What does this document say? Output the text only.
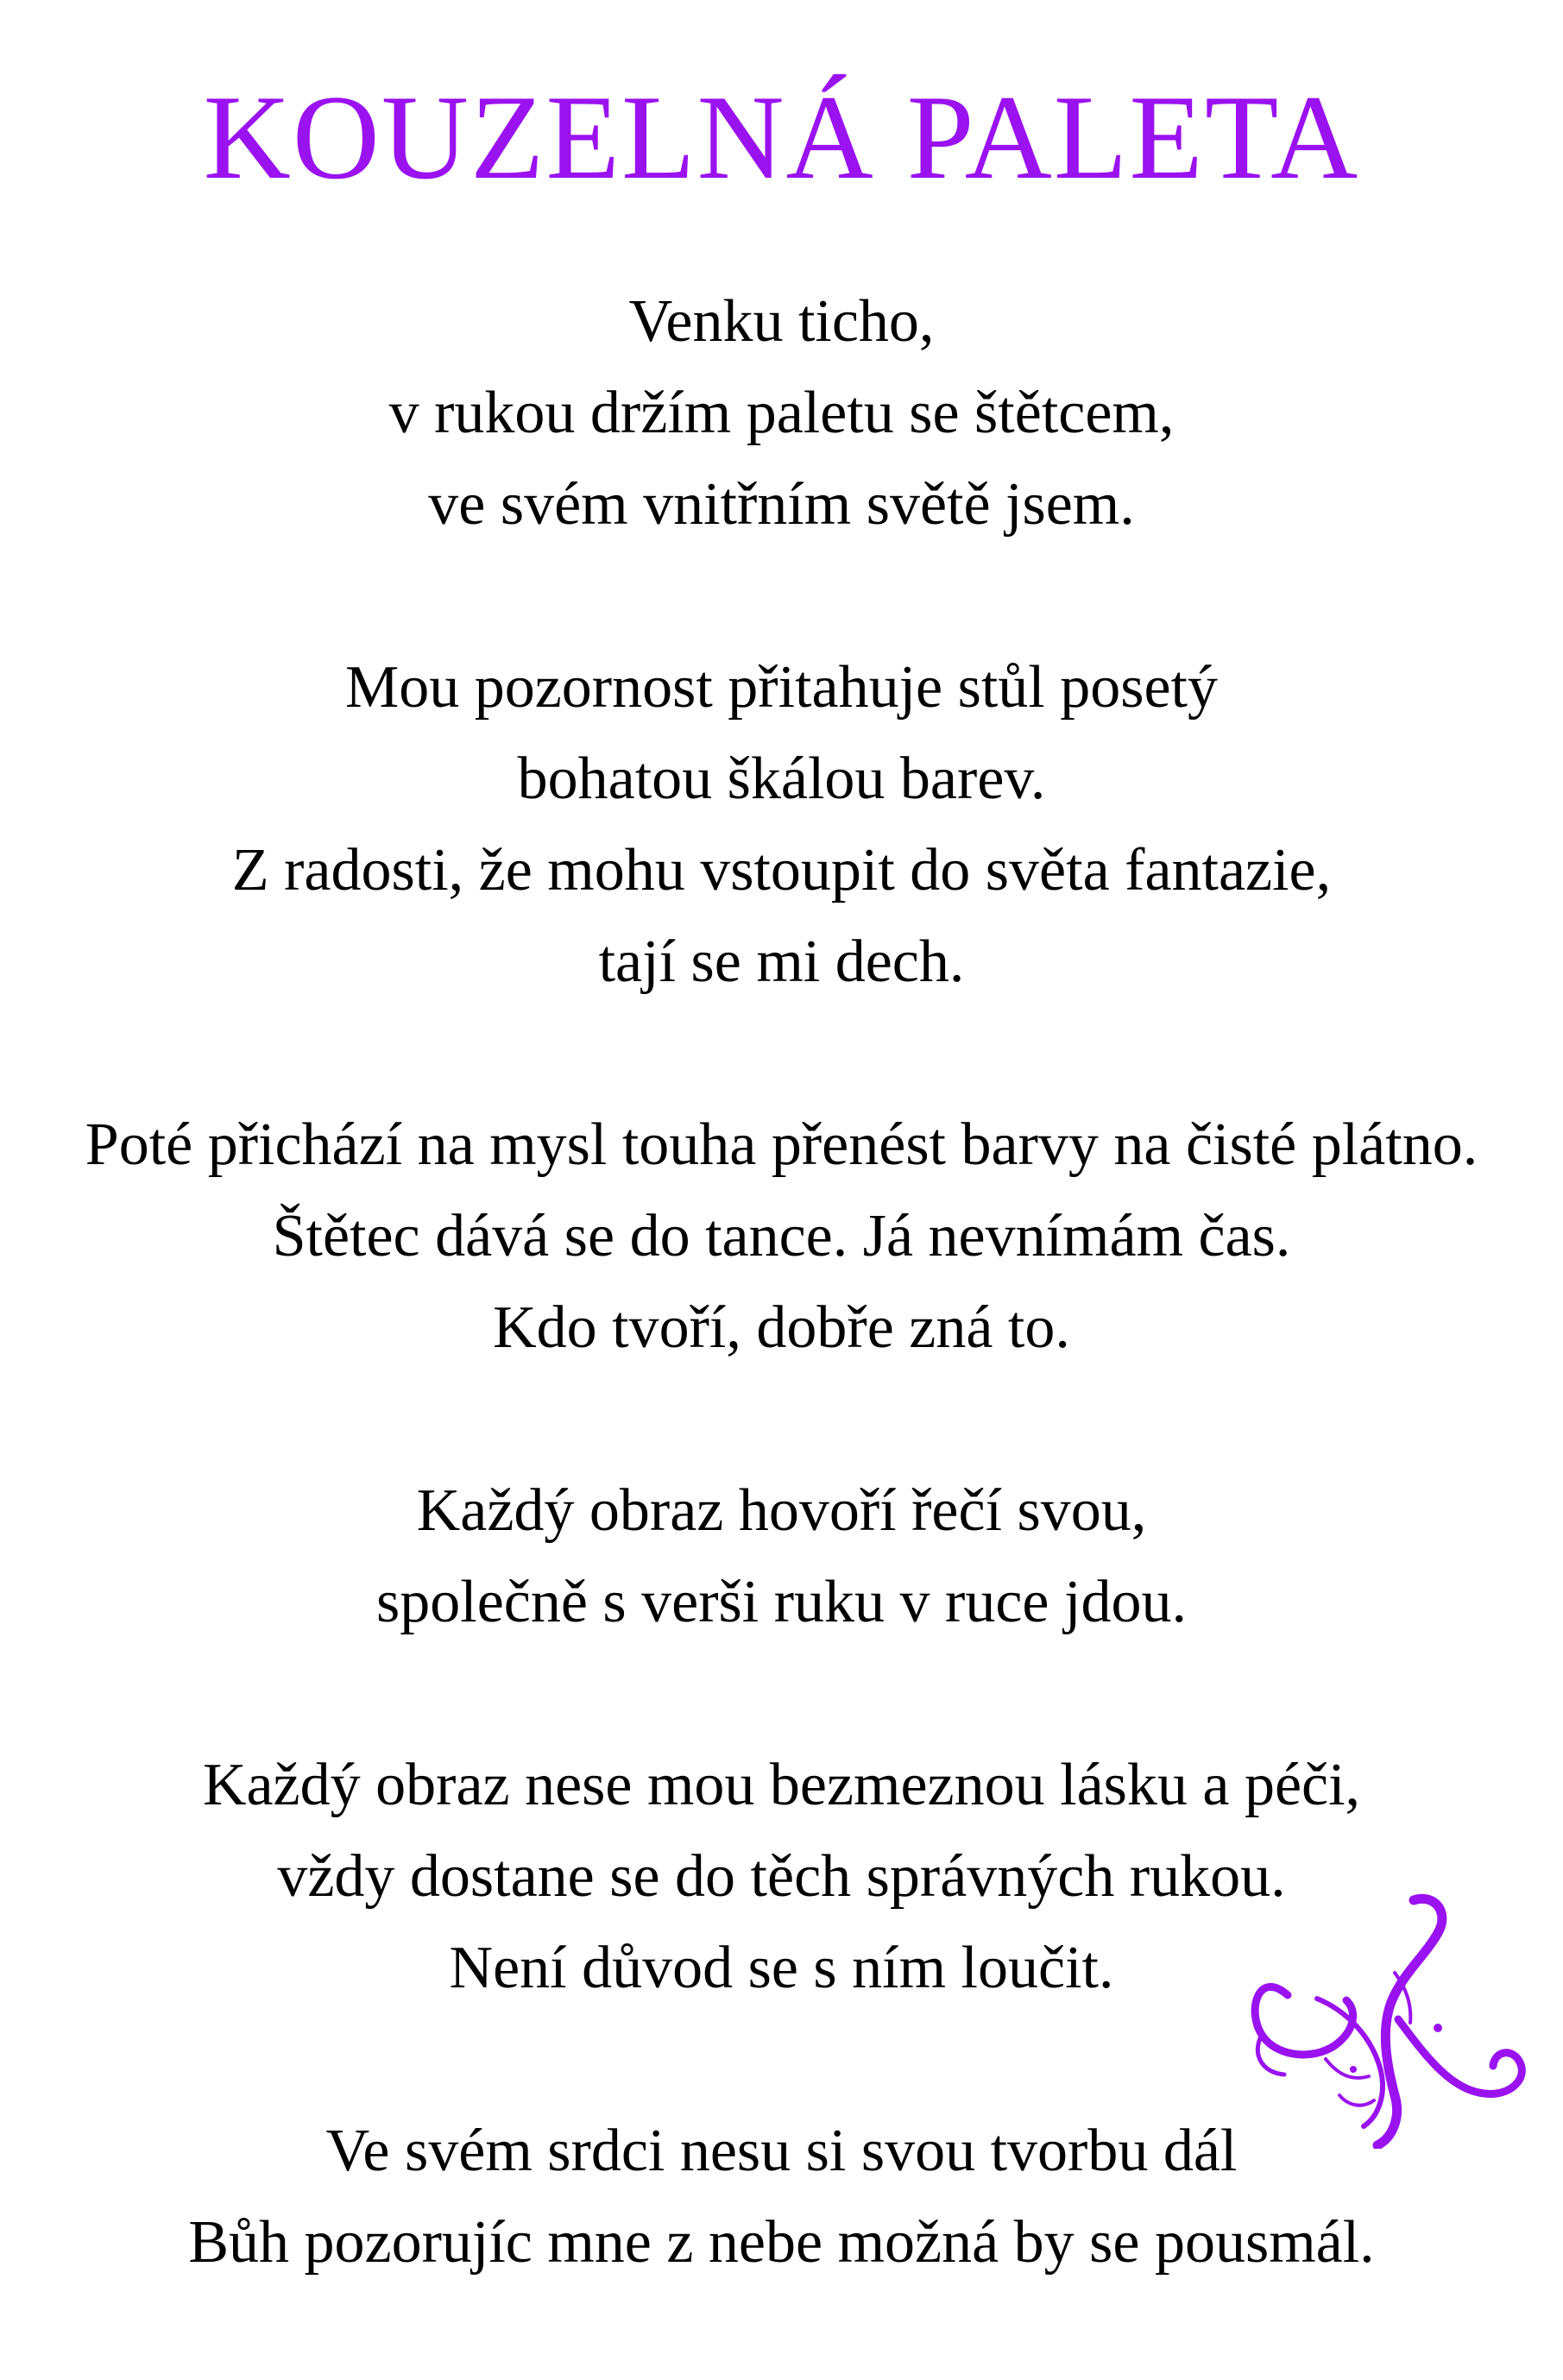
KOUZELNÁ PALETA
Venku ticho,
v rukou držím paletu se štětcem,
ve svém vnitřním světě jsem.
Mou pozornost přitahuje stůl posetý
bohatou škálou barev.
Z radosti, že mohu vstoupit do světa fantazie,
tají se mi dech.
Poté přichází na mysl touha přenést barvy na čisté plátno.
Štětec dává se do tance. Já nevnímám čas.
Kdo tvoří, dobře zná to.
Každý obraz hovoří řečí svou,
společně s verši ruku v ruce jdou.
Každý obraz nese mou bezmeznou lásku a péči,
vždy dostane se do těch správných rukou.
Není důvod se s ním loučit.
Ve svém srdci nesu si svou tvorbu dál
Bůh pozorujíc mne z nebe možná by se pousmál.
